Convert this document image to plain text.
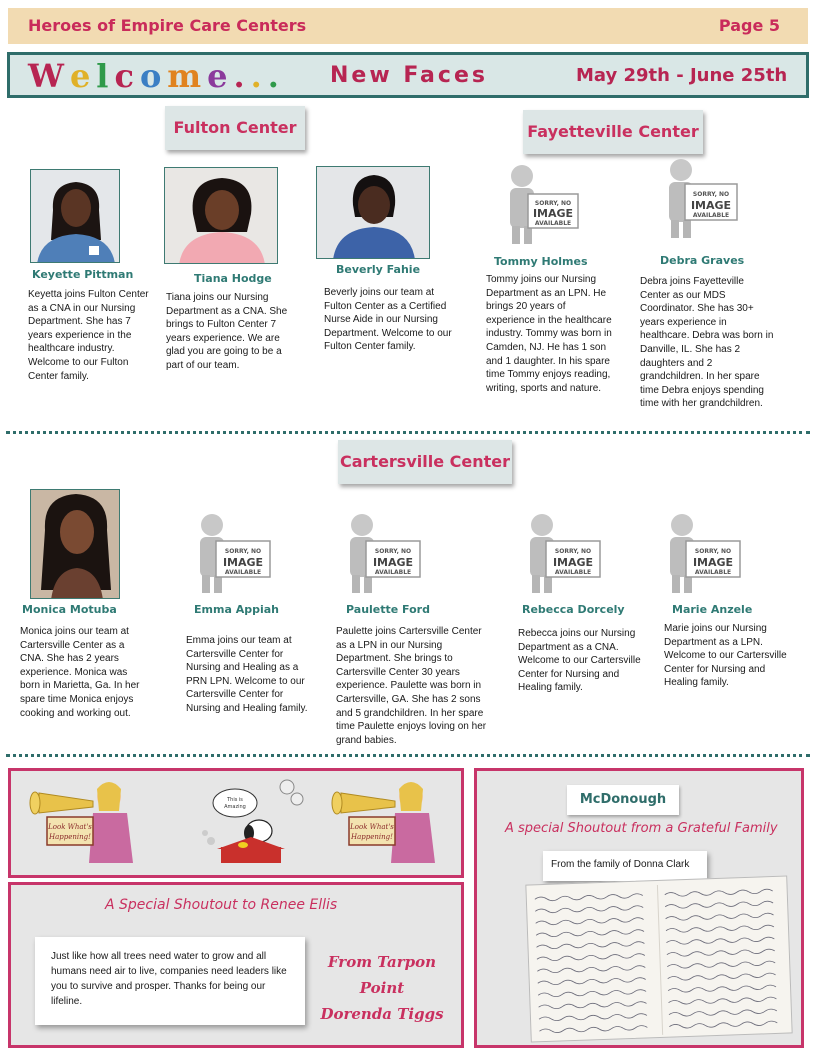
Heroes of Empire Care Centers	Page 5
Welcome... New Faces	May 29th - June 25th
Fulton Center	Fayetteville Center
Keyette Pittman
Keyetta joins Fulton Center as a CNA in our Nursing Department. She has 7 years experience in the healthcare industry. Welcome to our Fulton Center family.
Tiana Hodge
Tiana joins our Nursing Department as a CNA. She brings to Fulton Center 7 years experience. We are glad you are going to be a part of our team.
Beverly Fahie
Beverly joins our team at Fulton Center as a Certified Nurse Aide in our Nursing Department. Welcome to our Fulton Center family.
SORRY, NO
IMAGE
AVAILABLE
Tommy Holmes
Tommy joins our Nursing Department as an LPN. He brings 20 years of experience in the healthcare industry. Tommy was born in Camden, NJ. He has 1 son and 1 daughter. In his spare time Tommy enjoys reading, writing, sports and nature.
SORRY, NO
IMAGE
AVAILABLE
Debra Graves
Debra joins Fayetteville Center as our MDS Coordinator. She has 30+ years experience in healthcare. Debra was born in Danville, IL. She has 2 daughters and 2 grandchildren. In her spare time Debra enjoys spending time with her grandchildren.
Cartersville Center
Monica Motuba
Monica joins our team at Cartersville Center as a CNA. She has 2 years experience. Monica was born in Marietta, Ga. In her spare time Monica enjoys cooking and working out.
SORRY, NO
IMAGE
AVAILABLE
Emma Appiah
Emma joins our team at Cartersville Center for Nursing and Healing as a PRN LPN. Welcome to our Cartersville Center for Nursing and Healing family.
SORRY, NO
IMAGE
AVAILABLE
Paulette Ford
Paulette joins Cartersville Center as a LPN in our Nursing Department. She brings to Cartersville Center 30 years experience. Paulette was born in Cartersville, GA. She has 2 sons and 5 grandchildren. In her spare time Paulette enjoys loving on her grand babies.
SORRY, NO
IMAGE
AVAILABLE
Rebecca Dorcely
Rebecca joins our Nursing Department as a CNA. Welcome to our Cartersville Center for Nursing and Healing family.
SORRY, NO
IMAGE
AVAILABLE
Marie Anzele
Marie joins our Nursing Department as a LPN. Welcome to our Cartersville Center for Nursing and Healing family.
Look What's
Happening!
This is
Amazing
Look What's
Happening!
A Special Shoutout to Renee Ellis
Just like how all trees need water to grow and all humans need air to live, companies need leaders like you to survive and prosper. Thanks for being our lifeline.
From Tarpon Point
Dorenda Tiggs
McDonough
A special Shoutout from a Grateful Family
From the family of Donna Clark
